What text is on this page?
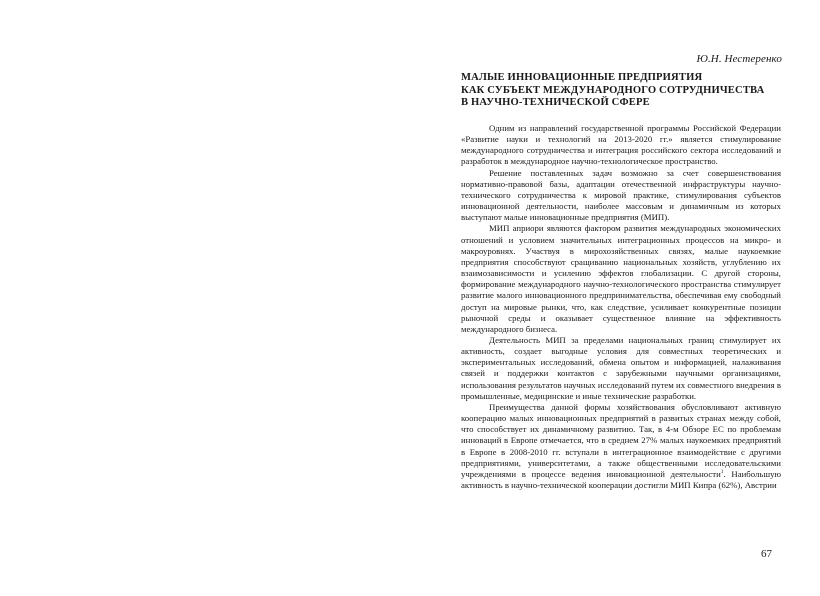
Ю.Н. Нестеренко
МАЛЫЕ ИННОВАЦИОННЫЕ ПРЕДПРИЯТИЯ
КАК СУБЪЕКТ МЕЖДУНАРОДНОГО СОТРУДНИЧЕСТВА
В НАУЧНО-ТЕХНИЧЕСКОЙ СФЕРЕ

Одним из направлений государственной программы Российской Федерации «Развитие науки и технологий на 2013-2020 гг.» является стимулирование международного сотрудничества и интеграция российского сектора исследований и разработок в международное научно-технологическое пространство.

Решение поставленных задач возможно за счет совершенствования нормативно-правовой базы, адаптации отечественной инфраструктуры научно-технического сотрудничества к мировой практике, стимулирования субъектов инновационной деятельности, наиболее массовым и динамичным из которых выступают малые инновационные предприятия (МИП).

МИП априори являются фактором развития международных экономических отношений и условием значительных интеграционных процессов на микро- и макроуровнях. Участвуя в мирохозяйственных связях, малые наукоемкие предприятия способствуют сращиванию национальных хозяйств, углублению их взаимозависимости и усилению эффектов глобализации. С другой стороны, формирование международного научно-технологического пространства стимулирует развитие малого инновационного предпринимательства, обеспечивая ему свободный доступ на мировые рынки, что, как следствие, усиливает конкурентные позиции рыночной среды и оказывает существенное влияние на эффективность международного бизнеса.

Деятельность МИП за пределами национальных границ стимулирует их активность, создает выгодные условия для совместных теоретических и экспериментальных исследований, обмена опытом и информацией, налаживания связей и поддержки контактов с зарубежными научными организациями, использования результатов научных исследований путем их совместного внедрения в промышленные, медицинские и иные технические разработки.

Преимущества данной формы хозяйствования обусловливают активную кооперацию малых инновационных предприятий в развитых странах между собой, что способствует их динамичному развитию. Так, в 4-м Обзоре ЕС по проблемам инноваций в Европе отмечается, что в среднем 27% малых наукоемких предприятий в Европе в 2008-2010 гг. вступали в интеграционное взаимодействие с другими предприятиями, университетами, а также общественными исследовательскими учреждениями в процессе ведения инновационной деятельности$^1$. Наибольшую активность в научно-технической кооперации достигли МИП Кипра (62%), Австрии

67
